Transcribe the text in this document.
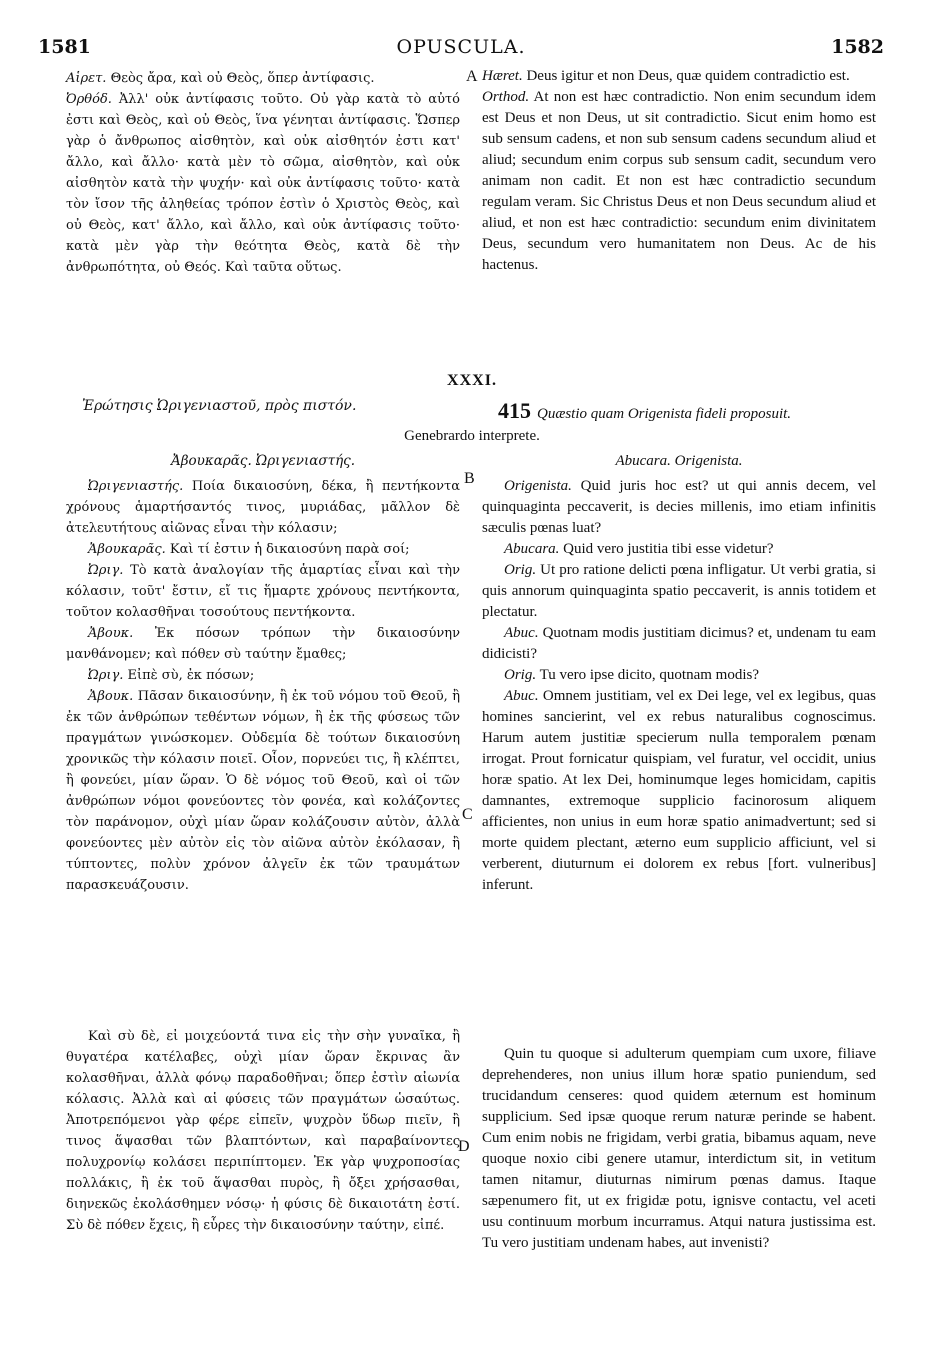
1581	OPUSCULA.	1582
A
B
C
D

Αἱρετ. Θεὸς ἄρα, καὶ οὐ Θεὸς, ὅπερ ἀντίφασις.

Ὀρθόδ. Ἀλλ' οὐκ ἀντίφασις τοῦτο. Οὐ γὰρ κατὰ τὸ αὐτό ἐστι καὶ Θεὸς, καὶ οὐ Θεὸς, ἵνα γένηται ἀντίφασις. Ὥσπερ γὰρ ὁ ἄνθρωπος αἰσθητὸν, καὶ οὐκ αἰσθητόν ἐστι κατ' ἄλλο, καὶ ἄλλο· κατὰ μὲν τὸ σῶμα, αἰσθητὸν, καὶ οὐκ αἰσθητὸν κατὰ τὴν ψυχήν· καὶ οὐκ ἀντίφασις τοῦτο· κατὰ τὸν ἴσον τῆς ἀληθείας τρόπον ἐστὶν ὁ Χριστὸς Θεὸς, καὶ οὐ Θεὸς, κατ' ἄλλο, καὶ ἄλλο, καὶ οὐκ ἀντίφασις τοῦτο· κατὰ μὲν γὰρ τὴν θεότητα Θεὸς, κατὰ δὲ τὴν ἀνθρωπότητα, οὐ Θεός. Καὶ ταῦτα οὕτως.

Hæret. Deus igitur et non Deus, quæ quidem contradictio est.

Orthod. At non est hæc contradictio. Non enim secundum idem est Deus et non Deus, ut sit contradictio. Sicut enim homo est sub sensum cadens, et non sub sensum cadens secundum aliud et aliud; secundum enim corpus sub sensum cadit, secundum vero animam non cadit. Et non est hæc contradictio secundum regulam veram. Sic Christus Deus et non Deus secundum aliud et aliud, et non est hæc contradictio: secundum enim divinitatem Deus, secundum vero humanitatem non Deus. Ac de his hactenus.

XXXI.
Ἐρώτησις Ὠριγενιαστοῦ, πρὸς πιστόν.	415 Quæstio quam Origenista fideli proposuit.
Genebrardo interprete.
Ἀβουκαρᾶς. Ὠριγενιαστής.	Abucara. Origenista.

Ὠριγενιαστής. Ποία δικαιοσύνη, δέκα, ἢ πεντήκοντα χρόνους ἁμαρτήσαντός τινος, μυριάδας, μᾶλλον δὲ ἀτελευτήτους αἰῶνας εἶναι τὴν κόλασιν;

Ἀβουκαρᾶς. Καὶ τί ἐστιν ἡ δικαιοσύνη παρὰ σοί;

Ὠριγ. Τὸ κατὰ ἀναλογίαν τῆς ἁμαρτίας εἶναι καὶ τὴν κόλασιν, τοῦτ' ἔστιν, εἴ τις ἥμαρτε χρόνους πεντήκοντα, τοῦτον κολασθῆναι τοσούτους πεντήκοντα.

Ἀβουκ. Ἐκ πόσων τρόπων τὴν δικαιοσύνην μανθάνομεν; καὶ πόθεν σὺ ταύτην ἔμαθες;

Ὠριγ. Εἰπὲ σὺ, ἐκ πόσων;

Ἀβουκ. Πᾶσαν δικαιοσύνην, ἢ ἐκ τοῦ νόμου τοῦ Θεοῦ, ἢ ἐκ τῶν ἀνθρώπων τεθέντων νόμων, ἢ ἐκ τῆς φύσεως τῶν πραγμάτων γινώσκομεν. Οὐδεμία δὲ τούτων δικαιοσύνη χρονικῶς τὴν κόλασιν ποιεῖ. Οἷον, πορνεύει τις, ἢ κλέπτει, ἢ φονεύει, μίαν ὥραν. Ὁ δὲ νόμος τοῦ Θεοῦ, καὶ οἱ τῶν ἀνθρώπων νόμοι φονεύοντες τὸν φονέα, καὶ κολάζοντες τὸν παράνομον, οὐχὶ μίαν ὥραν κολάζουσιν αὐτὸν, ἀλλὰ φονεύοντες μὲν αὐτὸν εἰς τὸν αἰῶνα αὐτὸν ἐκόλασαν, ἢ τύπτοντες, πολὺν χρόνον ἀλγεῖν ἐκ τῶν τραυμάτων παρασκευάζουσιν.

Origenista. Quid juris hoc est? ut qui annis decem, vel quinquaginta peccaverit, is decies millenis, imo etiam infinitis sæculis pœnas luat?

Abucara. Quid vero justitia tibi esse videtur?

Orig. Ut pro ratione delicti pœna infligatur. Ut verbi gratia, si quis annorum quinquaginta spatio peccaverit, is annis totidem et plectatur.

Abuc. Quotnam modis justitiam dicimus? et, undenam tu eam didicisti?

Orig. Tu vero ipse dicito, quotnam modis?

Abuc. Omnem justitiam, vel ex Dei lege, vel ex legibus, quas homines sancierint, vel ex rebus naturalibus cognoscimus. Harum autem justitiæ specierum nulla temporalem pœnam irrogat. Prout fornicatur quispiam, vel furatur, vel occidit, unius horæ spatio. At lex Dei, hominumque leges homicidam, capitis damnantes, extremoque supplicio facinorosum aliquem afficientes, non unius in eum horæ spatio animadvertunt; sed si morte quidem plectant, æterno eum supplicio afficiunt, vel si verberent, diuturnum ei dolorem ex rebus [fort. vulneribus] inferunt.

Καὶ σὺ δὲ, εἰ μοιχεύοντά τινα εἰς τὴν σὴν γυναῖκα, ἢ θυγατέρα κατέλαβες, οὐχὶ μίαν ὥραν ἔκρινας ἂν κολασθῆναι, ἀλλὰ φόνῳ παραδοθῆναι; ὅπερ ἐστὶν αἰωνία κόλασις. Ἀλλὰ καὶ αἱ φύσεις τῶν πραγμάτων ὡσαύτως. Ἀποτρεπόμενοι γὰρ φέρε εἰπεῖν, ψυχρὸν ὕδωρ πιεῖν, ἢ τινος ἅψασθαι τῶν βλαπτόντων, καὶ παραβαίνοντες πολυχρονίῳ κολάσει περιπίπτομεν. Ἐκ γὰρ ψυχροποσίας πολλάκις, ἢ ἐκ τοῦ ἅψασθαι πυρὸς, ἢ ὄξει χρήσασθαι, διηνεκῶς ἐκολάσθημεν νόσῳ· ἡ φύσις δὲ δικαιοτάτη ἐστί. Σὺ δὲ πόθεν ἔχεις, ἢ εὗρες τὴν δικαιοσύνην ταύτην, εἰπέ.

Quin tu quoque si adulterum quempiam cum uxore, filiave deprehenderes, non unius illum horæ spatio puniendum, sed trucidandum censeres: quod quidem æternum est hominum supplicium. Sed ipsæ quoque rerum naturæ perinde se habent. Cum enim nobis ne frigidam, verbi gratia, bibamus aquam, neve quoque noxio cibi genere utamur, interdictum sit, in vetitum tamen nitamur, diuturnas nimirum pœnas damus. Itaque sæpenumero fit, ut ex frigidæ potu, ignisve contactu, vel aceti usu continuum morbum incurramus. Atqui natura justissima est. Tu vero justitiam undenam habes, aut invenisti?
